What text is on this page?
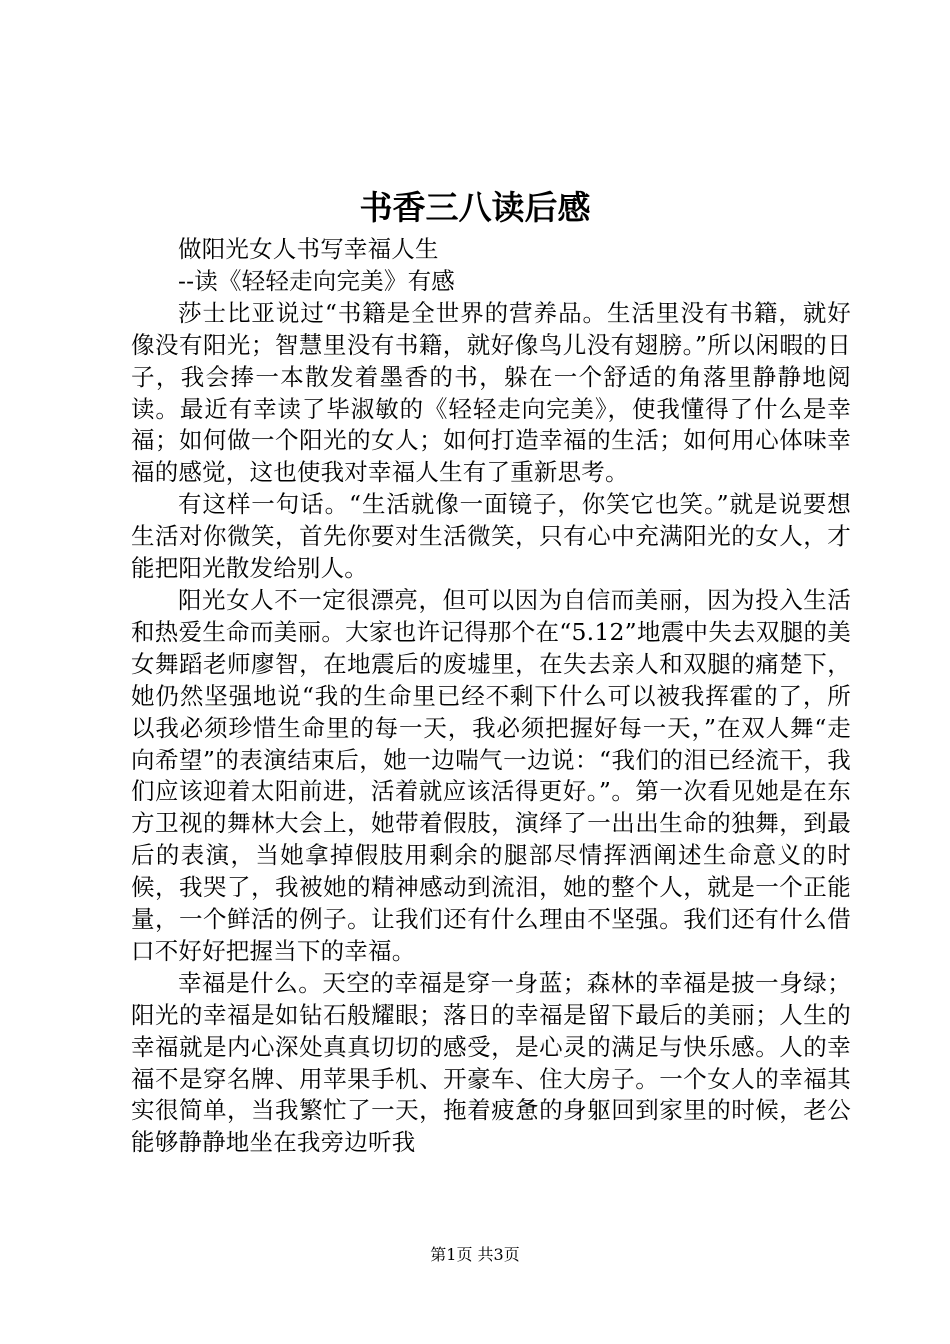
书香三八读后感

做阳光女人书写幸福人生

--读《轻轻走向完美》有感

莎士比亚说过“书籍是全世界的营养品。生活里没有书籍，就好像没有阳光；智慧里没有书籍，就好像鸟儿没有翅膀。”所以闲暇的日子，我会捧一本散发着墨香的书，躲在一个舒适的角落里静静地阅读。最近有幸读了毕淑敏的《轻轻走向完美》，使我懂得了什么是幸福；如何做一个阳光的女人；如何打造幸福的生活；如何用心体味幸福的感觉，这也使我对幸福人生有了重新思考。

有这样一句话。“生活就像一面镜子，你笑它也笑。”就是说要想生活对你微笑，首先你要对生活微笑，只有心中充满阳光的女人，才能把阳光散发给别人。

阳光女人不一定很漂亮，但可以因为自信而美丽，因为投入生活和热爱生命而美丽。大家也许记得那个在“5.12”地震中失去双腿的美女舞蹈老师廖智，在地震后的废墟里，在失去亲人和双腿的痛楚下，她仍然坚强地说“我的生命里已经不剩下什么可以被我挥霍的了，所以我必须珍惜生命里的每一天，我必须把握好每一天，”在双人舞“走向希望”的表演结束后，她一边喘气一边说：“我们的泪已经流干，我们应该迎着太阳前进，活着就应该活得更好。”。第一次看见她是在东方卫视的舞林大会上，她带着假肢，演绎了一出出生命的独舞，到最后的表演，当她拿掉假肢用剩余的腿部尽情挥洒阐述生命意义的时候，我哭了，我被她的精神感动到流泪，她的整个人，就是一个正能量，一个鲜活的例子。让我们还有什么理由不坚强。我们还有什么借口不好好把握当下的幸福。

幸福是什么。天空的幸福是穿一身蓝；森林的幸福是披一身绿；阳光的幸福是如钻石般耀眼；落日的幸福是留下最后的美丽；人生的幸福就是内心深处真真切切的感受，是心灵的满足与快乐感。人的幸福不是穿名牌、用苹果手机、开豪车、住大房子。一个女人的幸福其实很简单，当我繁忙了一天，拖着疲惫的身躯回到家里的时候，老公能够静静地坐在我旁边听我

第1页 共3页
